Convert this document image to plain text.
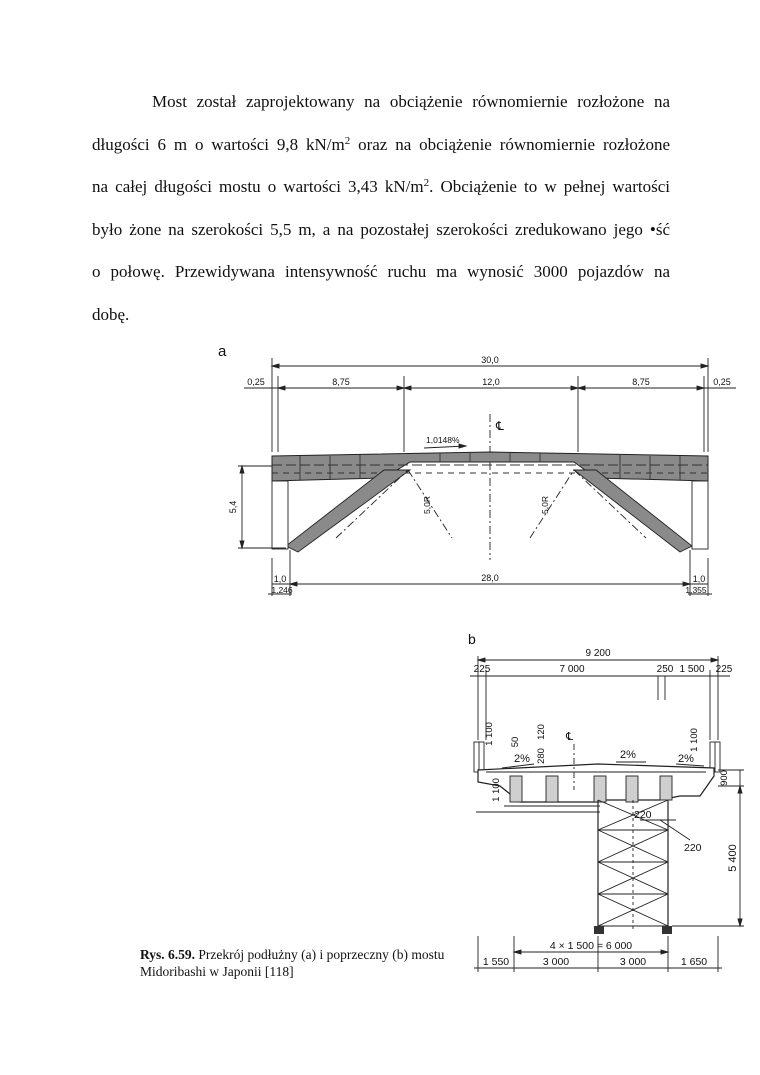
Most został zaprojektowany na obciążenie równomiernie rozłożone na
długości 6 m o wartości 9,8 $kN/m^2$ oraz na obciążenie równomiernie rozłożone
na całej długości mostu o wartości 3,43 $kN/m^2$. Obciążenie to w pełnej wartości
było żone na szerokości 5,5 m, a na pozostałej szerokości zredukowano jego •ść
o połowę. Przewidywana intensywność ruchu ma wynosić 3000 pojazdów na
dobę.
a	30,0
0,25	8,75	12,0	8,75	0,25
℄
1,0148%
5,4	5,0R	5,0R
1,0	28,0	1,0
1,246	1,355
b
9 200
225	7 000	250 1 500 225
1 100 50
120
280
℄
2%	2%	2%
1 100
900
1 100
220
220 5 400
4 × 1 500 = 6 000
1 550	3 000	3 000	1 650
Rys. 6.59. Przekrój podłużny (a) i poprzeczny (b) mostu Midoribashi w Japonii [118]
